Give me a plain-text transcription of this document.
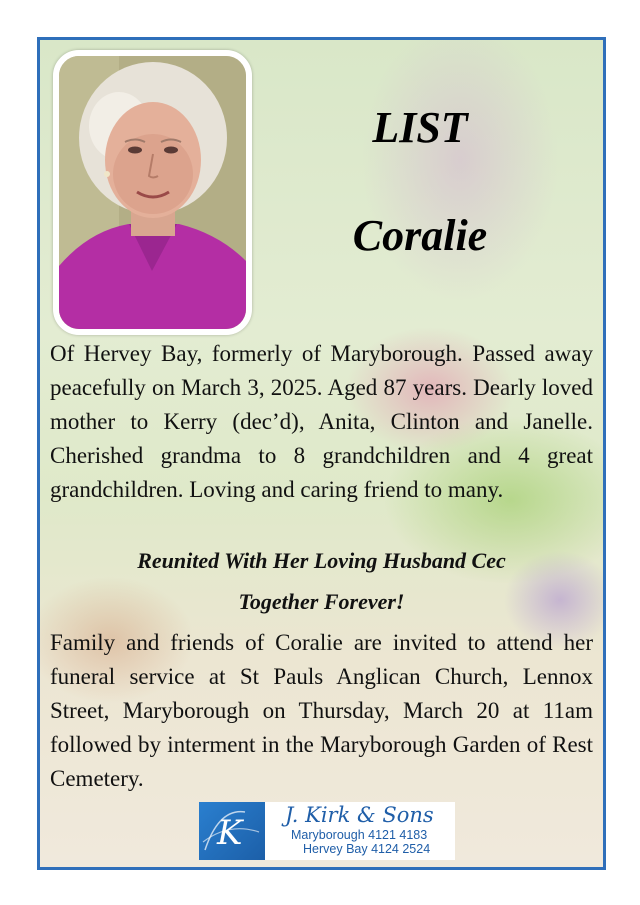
LIST
Coralie

Of Hervey Bay, formerly of Maryborough. Passed away peacefully on March 3, 2025. Aged 87 years. Dearly loved mother to Kerry (dec’d), Anita, Clinton and Janelle. Cherished grandma to 8 grandchildren and 4 great grandchildren. Loving and caring friend to many.

Reunited With Her Loving Husband Cec
Together Forever!

Family and friends of Coralie are invited to attend her funeral service at St Pauls Anglican Church, Lennox Street, Maryborough on Thursday, March 20 at 11am followed by interment in the Maryborough Garden of Rest Cemetery.

K J. Kirk & Sons
Maryborough 4121 4183
Hervey Bay 4124 2524
